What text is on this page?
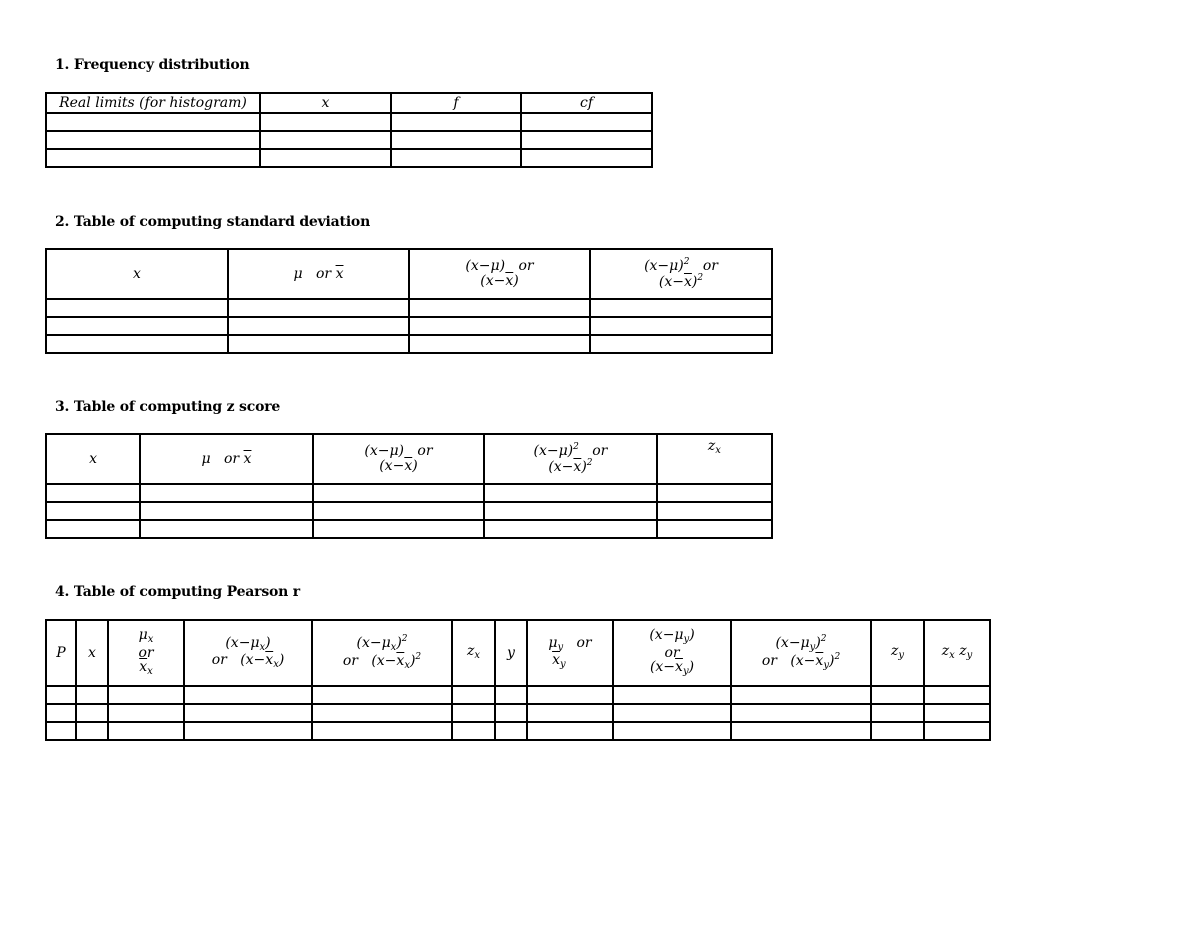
1. Frequency distribution
Real limits (for histogram)	x	f	cf

2. Table of computing standard deviation
x	μ or $\overline{x}$	(x−μ) or
$(x-\overline{x})$	$(x-\mu)^2$ or
$(x-\overline{x})^2$

3. Table of computing z score
x	μ or $\overline{x}$	(x−μ) or
$(x-\overline{x})$	$(x-\mu)^2$ or
$(x-\overline{x})^2$	$z_x$

4. Table of computing Pearson r
P	x	$\mu_x$
or
$\overline{x}_x$	$(x-\mu_x)$
or $(x-\overline{x}_x)$	$(x-\mu_x)^2$
or $(x-\overline{x}_x)^2$	$z_x$	y	$\mu_y$ or
$\overline{x}_y$	$(x-\mu_y)$
or
$(x-\overline{x}_y)$	$(x-\mu_y)^2$
or $(x-\overline{x}_y)^2$	$z_y$	$z_x$ $z_y$
